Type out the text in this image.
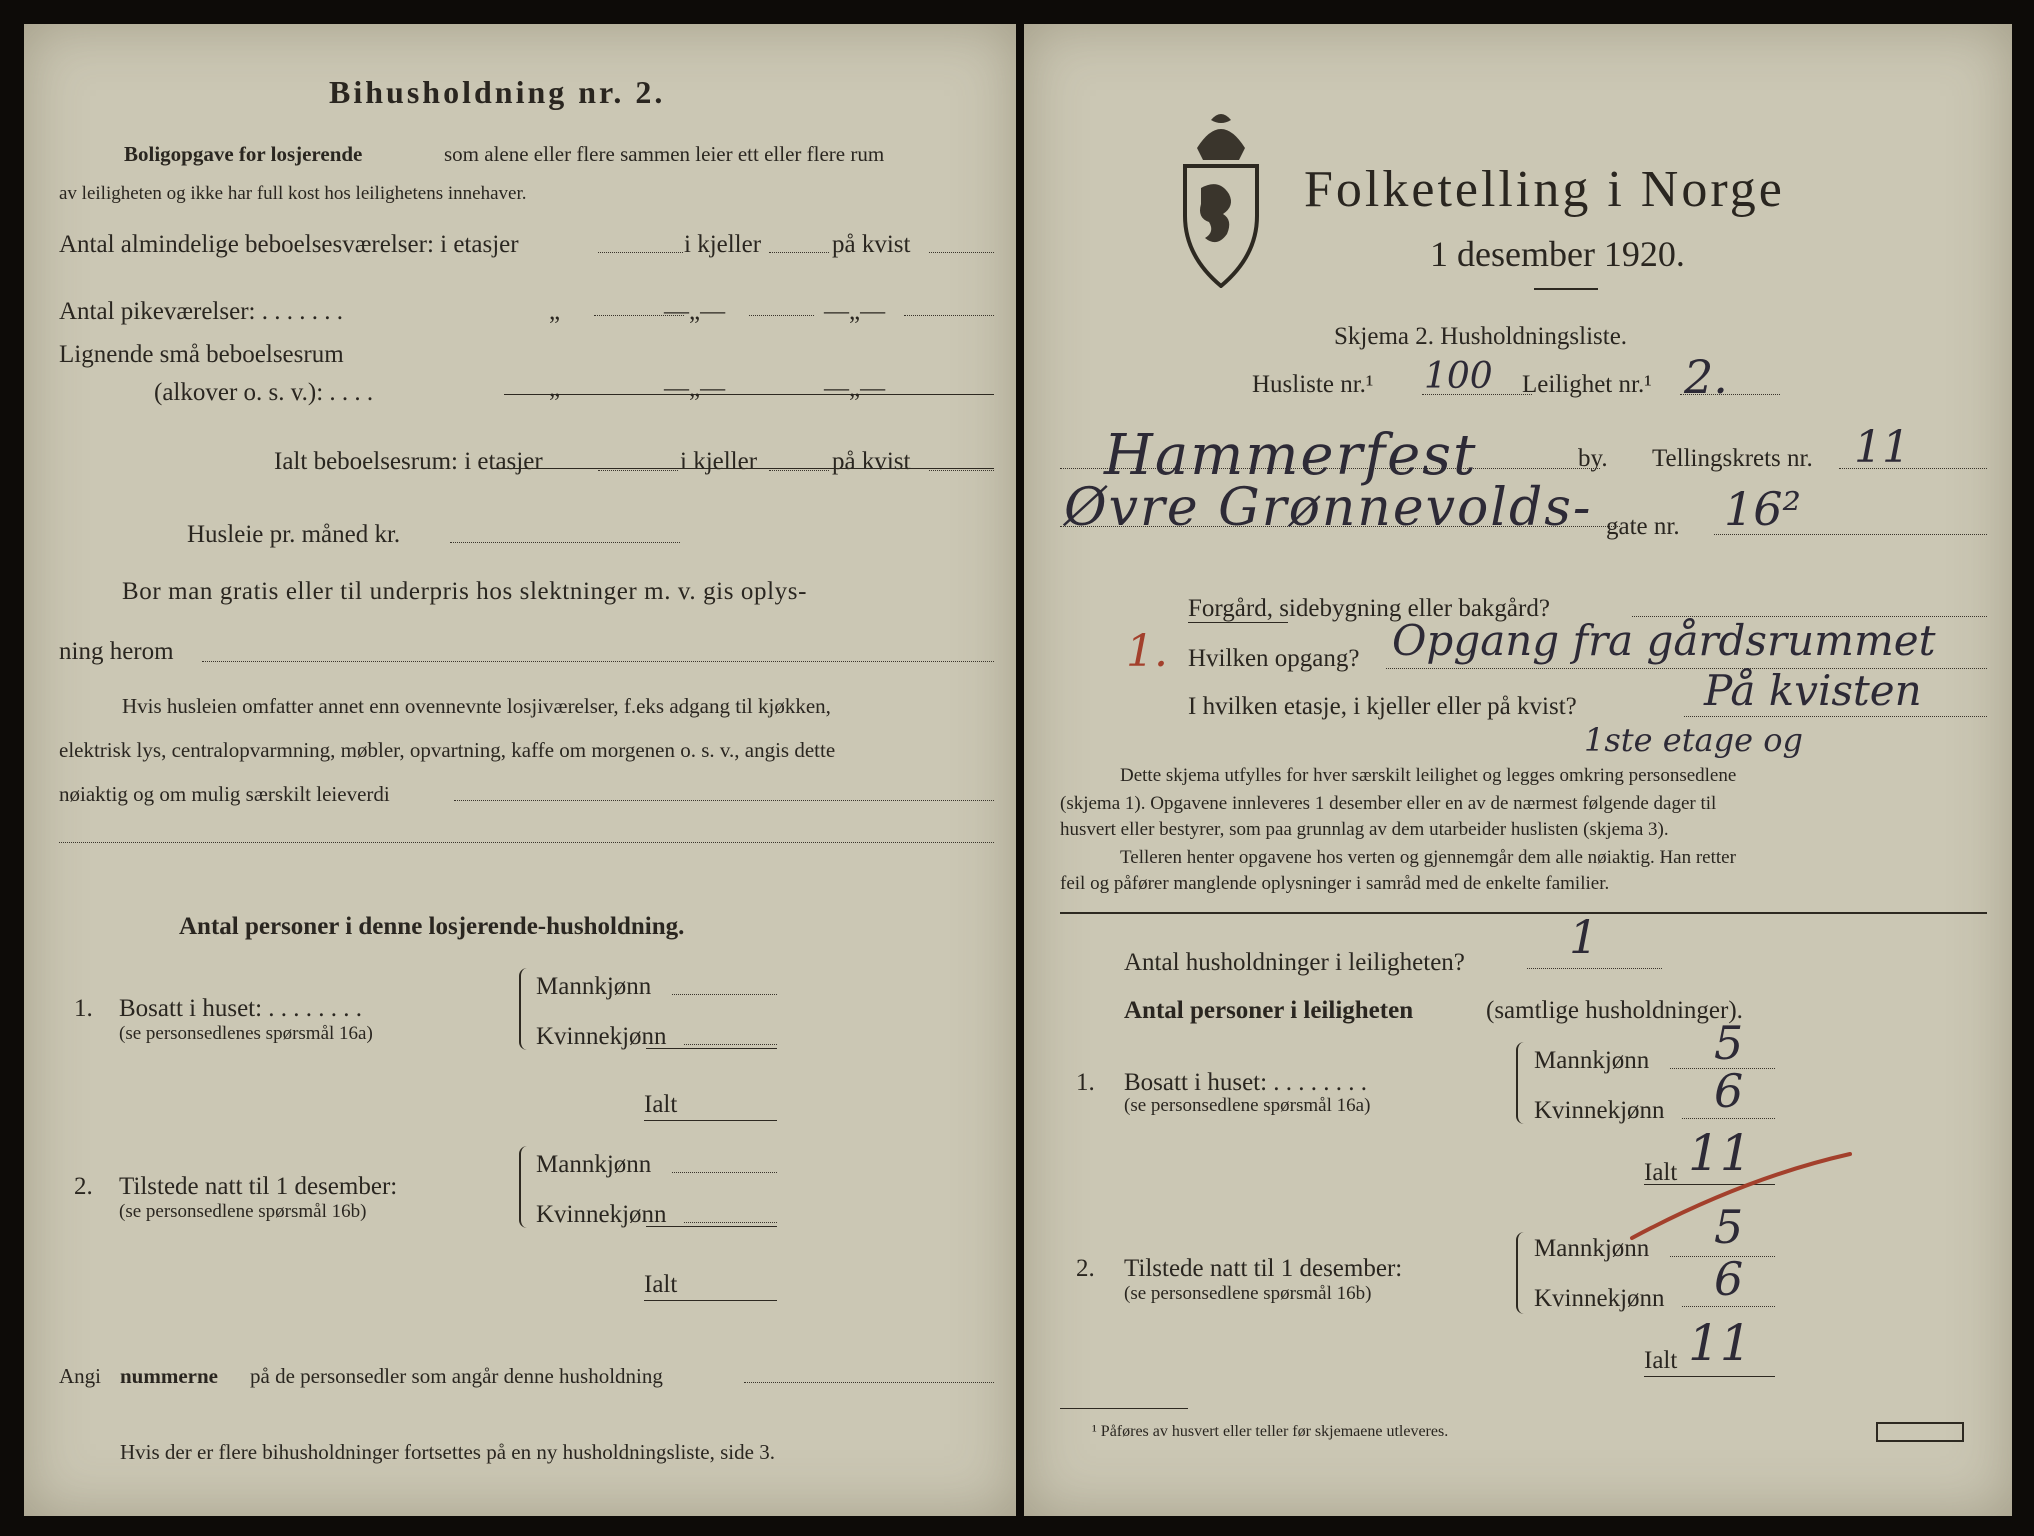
Bihusholdning nr. 2.
Boligopgave for losjerende	som alene eller flere sammen leier ett eller flere rum
av leiligheten og ikke har full kost hos leilighetens innehaver.
Antal almindelige beboelsesværelser: i etasjer	i kjeller	på kvist
Antal pikeværelser: . . . . . . .	„	—„—	—„—
Lignende små beboelsesrum
(alkover o. s. v.): . . . .	„	—„—	—„—
Ialt beboelsesrum: i etasjer	i kjeller	på kvist
Husleie pr. måned kr.
Bor man gratis eller til underpris hos slektninger m. v. gis oplys-
ning herom
Hvis husleien omfatter annet enn ovennevnte losjiværelser, f.eks adgang til kjøkken,
elektrisk lys, centralopvarmning, møbler, opvartning, kaffe om morgenen o. s. v., angis dette
nøiaktig og om mulig særskilt leieverdi
Antal personer i denne losjerende-husholdning.
1. Bosatt i huset: . . . . . . . .
(se personsedlenes spørsmål 16a)
Mannkjønn
Kvinnekjønn
Ialt
2. Tilstede natt til 1 desember:
(se personsedlene spørsmål 16b)
Mannkjønn
Kvinnekjønn
Ialt
Angi nummerne på de personsedler som angår denne husholdning
Hvis der er flere bihusholdninger fortsettes på en ny husholdningsliste, side 3.
Folketelling i Norge
1 desember 1920.
Skjema 2. Husholdningsliste.
Husliste nr.¹ 100 Leilighet nr.¹ 2.
Hammerfest	by. Tellingskrets nr. 11
Øvre Grønnevolds- gate nr. 16²
Forgård, sidebygning eller bakgård?
1. Hvilken opgang? Opgang fra gårdsrummet
I hvilken etasje, i kjeller eller på kvist?	På kvisten
1ste etage og
Dette skjema utfylles for hver særskilt leilighet og legges omkring personsedlene
(skjema 1). Opgavene innleveres 1 desember eller en av de nærmest følgende dager til
husvert eller bestyrer, som paa grunnlag av dem utarbeider huslisten (skjema 3).
Telleren henter opgavene hos verten og gjennemgår dem alle nøiaktig. Han retter
feil og påfører manglende oplysninger i samråd med de enkelte familier.
Antal husholdninger i leiligheten? 1
Antal personer i leiligheten	(samtlige husholdninger).
1. Bosatt i huset: . . . . . . . .
(se personsedlene spørsmål 16a)
Mannkjønn 5
Kvinnekjønn 6
Ialt 11
2. Tilstede natt til 1 desember:
(se personsedlene spørsmål 16b)
Mannkjønn 5
Kvinnekjønn 6
Ialt 11
¹ Påføres av husvert eller teller før skjemaene utleveres.
